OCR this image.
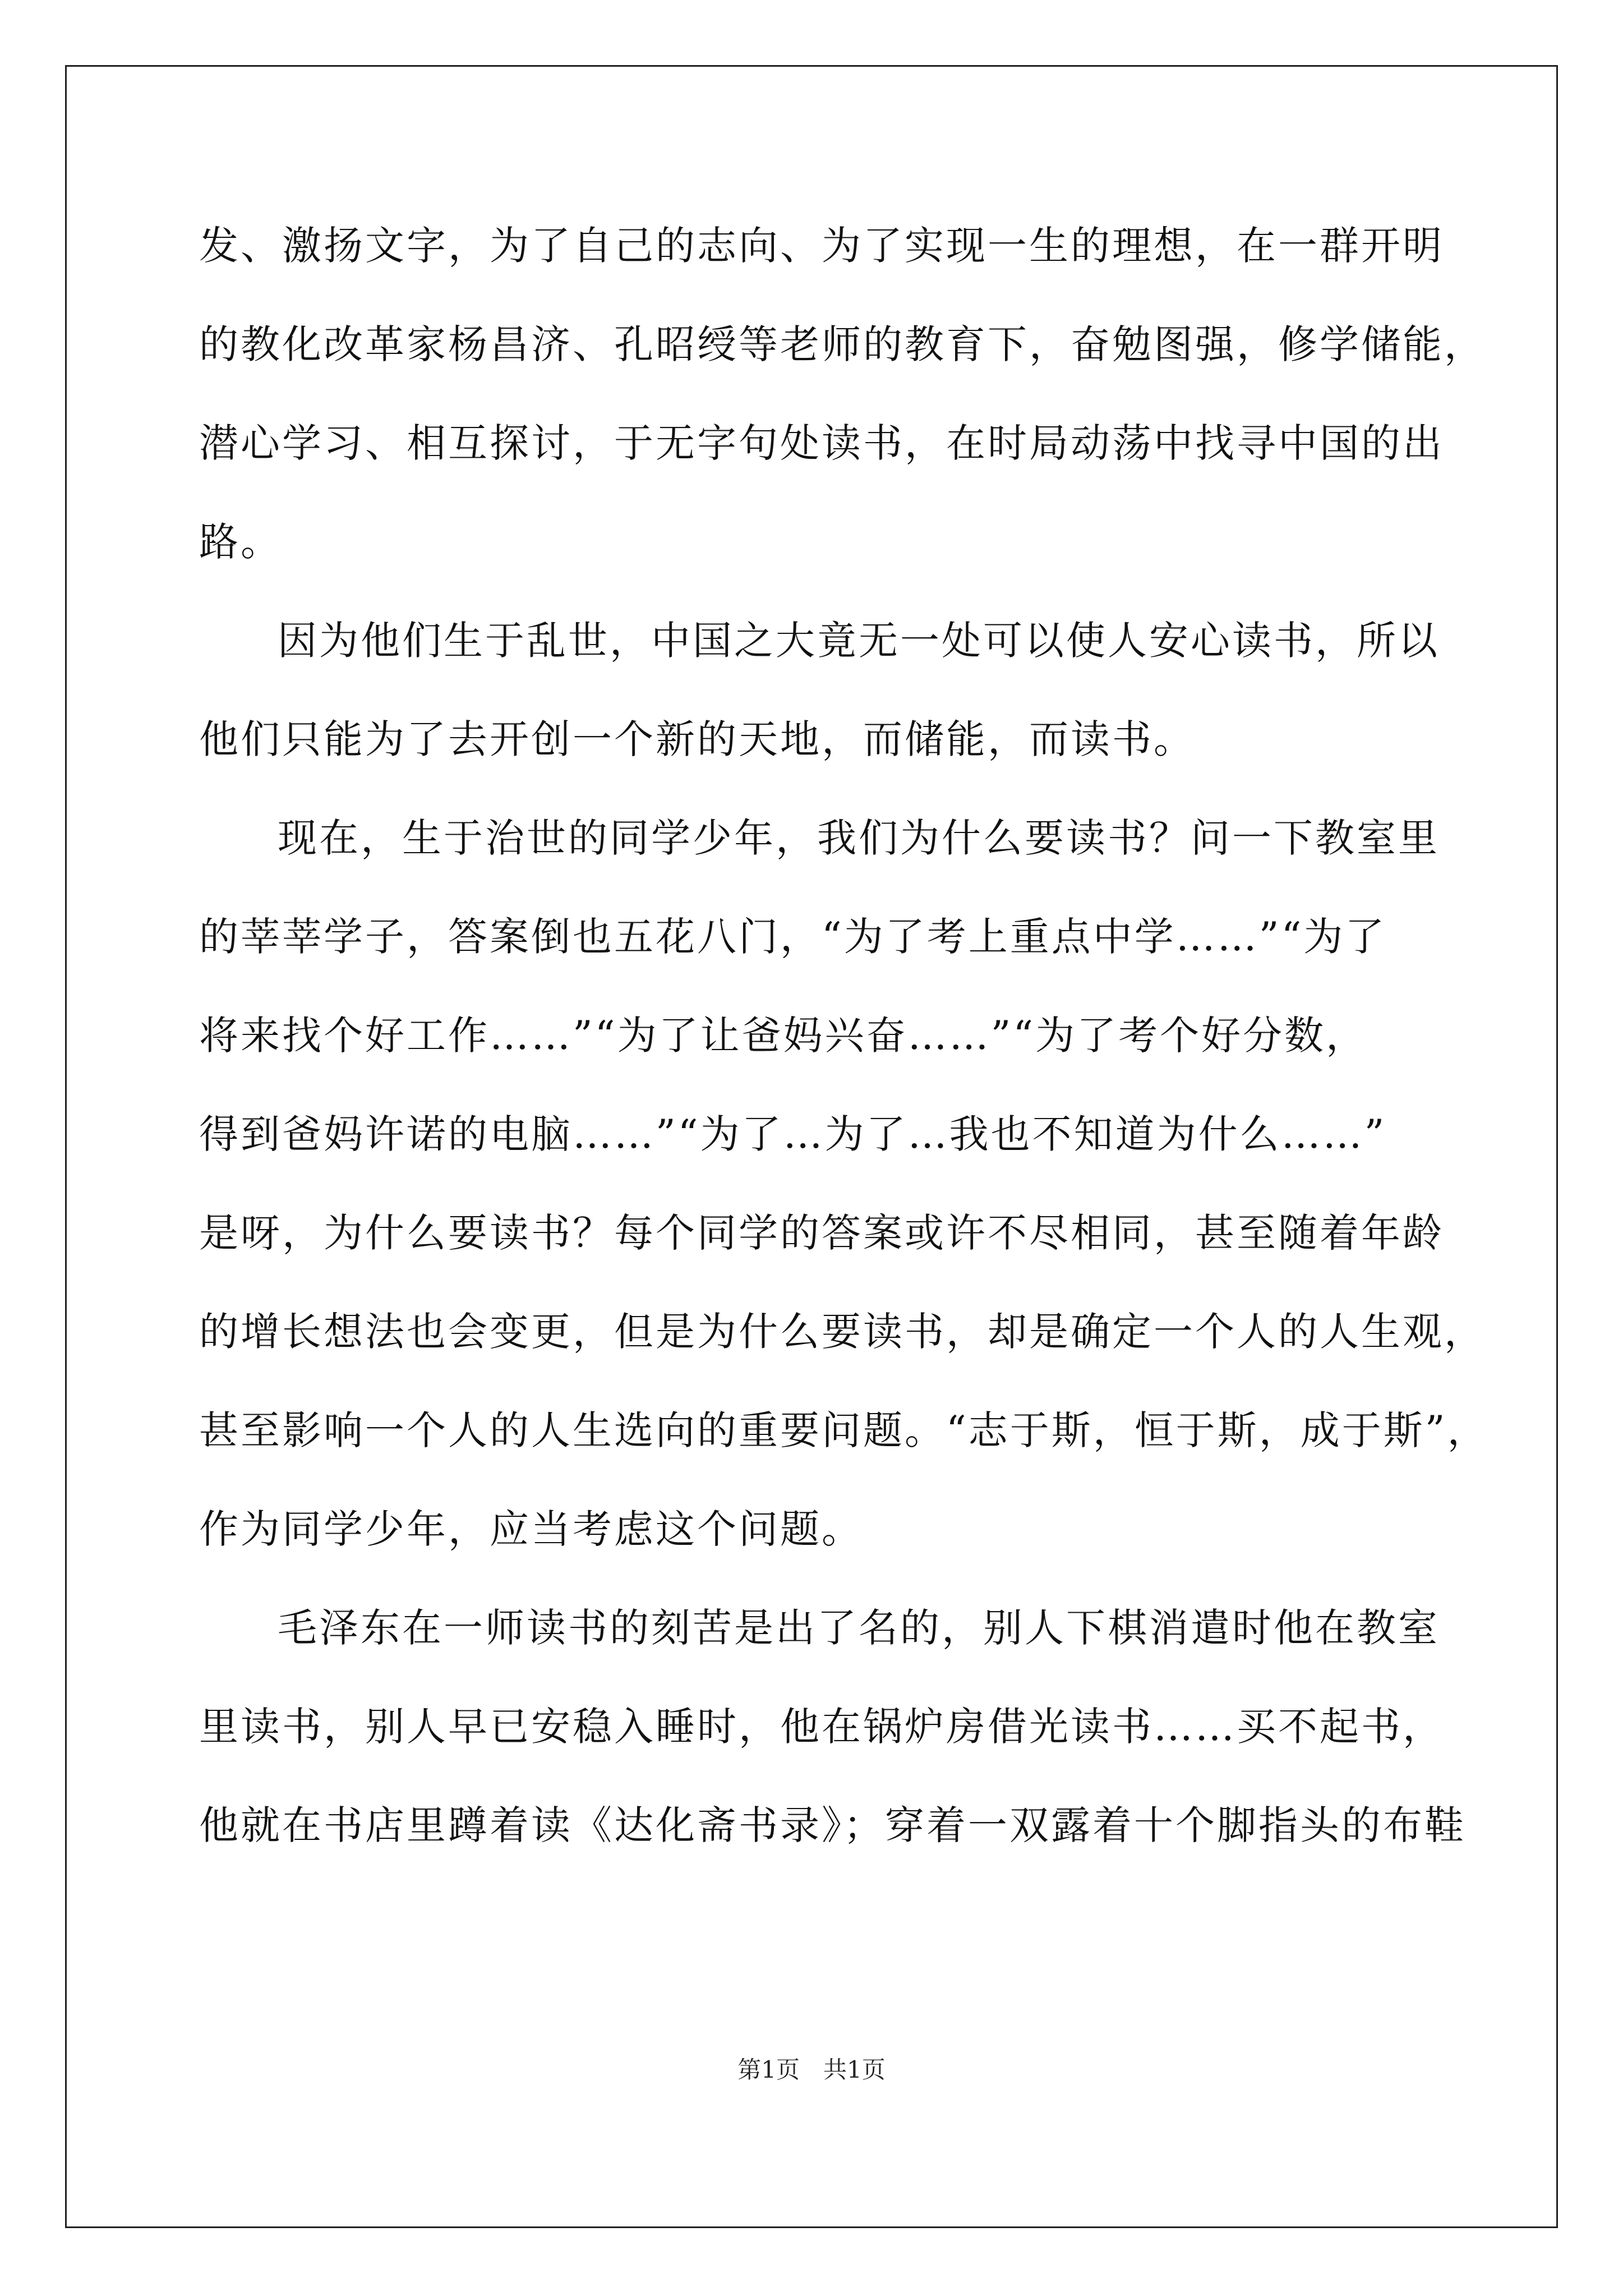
发、激扬文字，为了自己的志向、为了实现一生的理想，在一群开明
的教化改革家杨昌济、孔昭绶等老师的教育下，奋勉图强，修学储能，
潜心学习、相互探讨，于无字句处读书，在时局动荡中找寻中国的出
路。
因为他们生于乱世，中国之大竟无一处可以使人安心读书，所以
他们只能为了去开创一个新的天地，而储能，而读书。
现在，生于治世的同学少年，我们为什么要读书？问一下教室里
的莘莘学子，答案倒也五花八门，“为了考上重点中学……”“为了
将来找个好工作……”“为了让爸妈兴奋……”“为了考个好分数，
得到爸妈许诺的电脑……”“为了…为了…我也不知道为什么……”
是呀，为什么要读书？每个同学的答案或许不尽相同，甚至随着年龄
的增长想法也会变更，但是为什么要读书，却是确定一个人的人生观，
甚至影响一个人的人生选向的重要问题。“志于斯，恒于斯，成于斯”，
作为同学少年，应当考虑这个问题。
毛泽东在一师读书的刻苦是出了名的，别人下棋消遣时他在教室
里读书，别人早已安稳入睡时，他在锅炉房借光读书……买不起书，
他就在书店里蹲着读《达化斋书录》；穿着一双露着十个脚指头的布鞋
第1页　共1页
